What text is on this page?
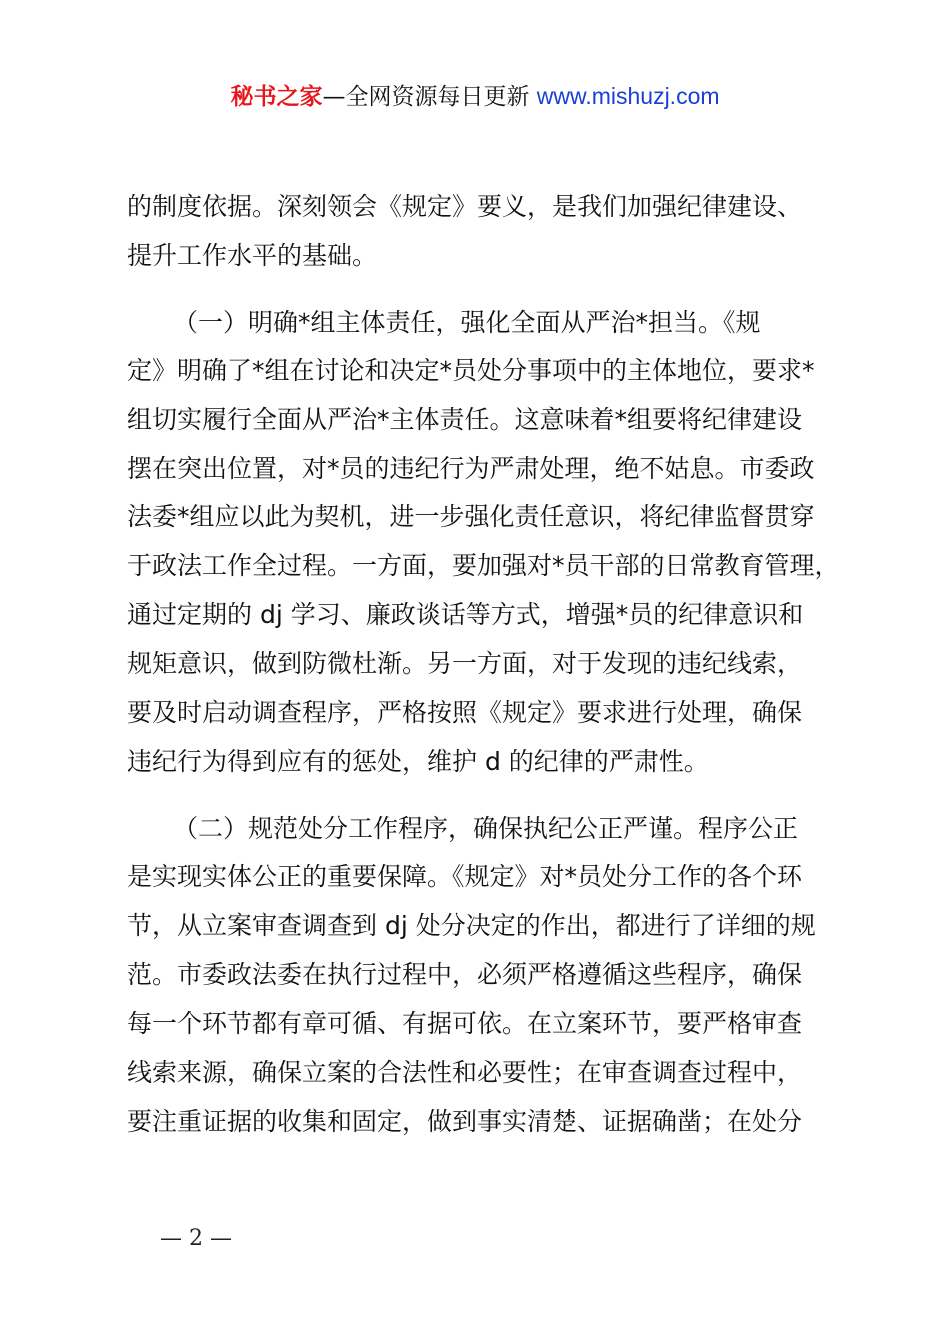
秘书之家—全网资源每日更新 www.mishuzj.com
的制度依据。深刻领会《规定》要义，是我们加强纪律建设、
提升工作水平的基础。
（一）明确*组主体责任，强化全面从严治*担当。《规
定》明确了*组在讨论和决定*员处分事项中的主体地位，要求*
组切实履行全面从严治*主体责任。这意味着*组要将纪律建设
摆在突出位置，对*员的违纪行为严肃处理，绝不姑息。市委政
法委*组应以此为契机，进一步强化责任意识，将纪律监督贯穿
于政法工作全过程。一方面，要加强对*员干部的日常教育管理，
通过定期的 dj 学习、廉政谈话等方式，增强*员的纪律意识和
规矩意识，做到防微杜渐。另一方面，对于发现的违纪线索，
要及时启动调查程序，严格按照《规定》要求进行处理，确保
违纪行为得到应有的惩处，维护 d 的纪律的严肃性。
（二）规范处分工作程序，确保执纪公正严谨。程序公正
是实现实体公正的重要保障。《规定》对*员处分工作的各个环
节，从立案审查调查到 dj 处分决定的作出，都进行了详细的规
范。市委政法委在执行过程中，必须严格遵循这些程序，确保
每一个环节都有章可循、有据可依。在立案环节，要严格审查
线索来源，确保立案的合法性和必要性；在审查调查过程中，
要注重证据的收集和固定，做到事实清楚、证据确凿；在处分
— 2 —
